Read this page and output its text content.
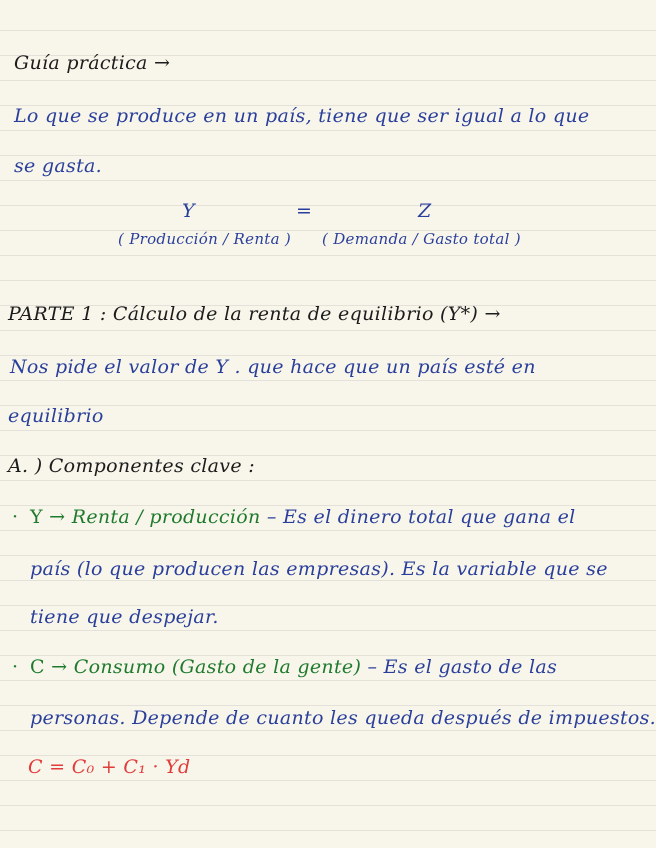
Guía práctica →
Lo que se produce en un país, tiene que ser igual a lo que
se gasta.
Y	=	Z
( Producción / Renta ) ( Demanda / Gasto total )
PARTE 1 : Cálculo de la renta de equilibrio (Y*) →
Nos pide el valor de Y . que hace que un país esté en
equilibrio
A. ) Componentes clave :
· Y → Renta / producción – Es el dinero total que gana el
país (lo que producen las empresas). Es la variable que se
tiene que despejar.
· C → Consumo (Gasto de la gente) – Es el gasto de las
personas. Depende de cuanto les queda después de impuestos.
C = C₀ + C₁ · Yd
